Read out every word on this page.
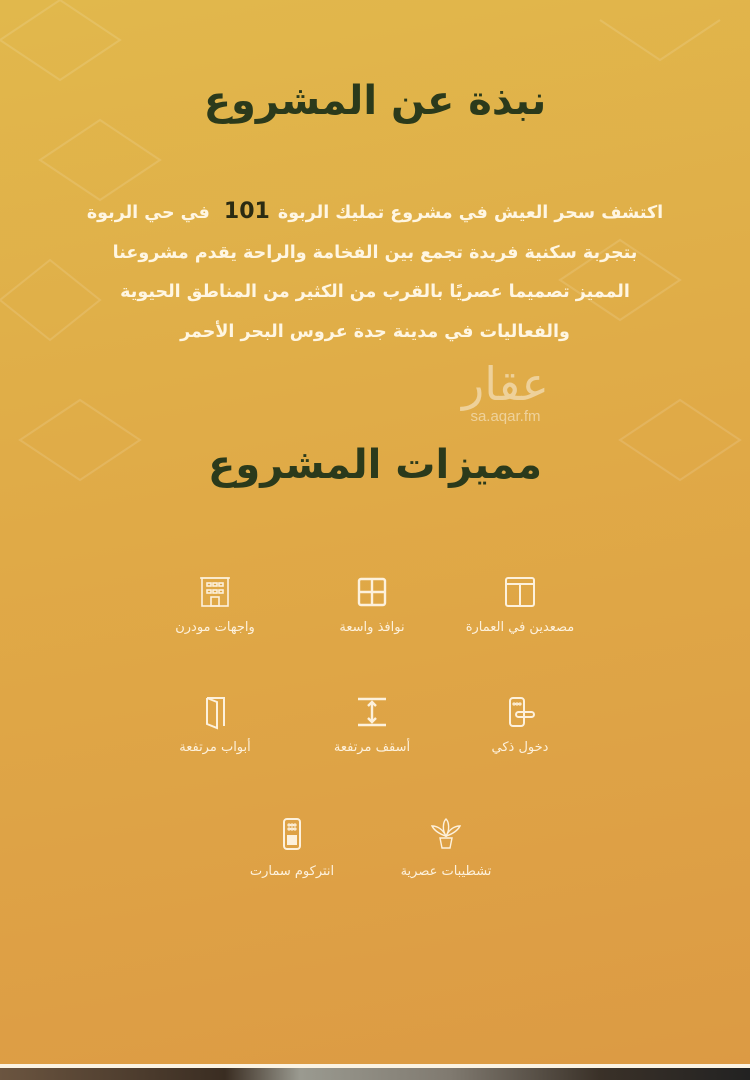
نبذة عن المشروع
اكتشف سحر العيش في مشروع تمليك الربوة101 في حي الربوة
بتجربة سكنية فريدة تجمع بين الفخامة والراحة يقدم مشروعنا
المميز تصميما عصريًا بالقرب من الكثير من المناطق الحيوية
والفعاليات في مدينة جدة عروس البحر الأحمر
عقار
sa.aqar.fm
مميزات المشروع
مصعدين في العمارة
نوافذ واسعة
واجهات مودرن
دخول ذكي
أسقف مرتفعة
أبواب مرتفعة
تشطيبات عصرية
انتركوم سمارت
